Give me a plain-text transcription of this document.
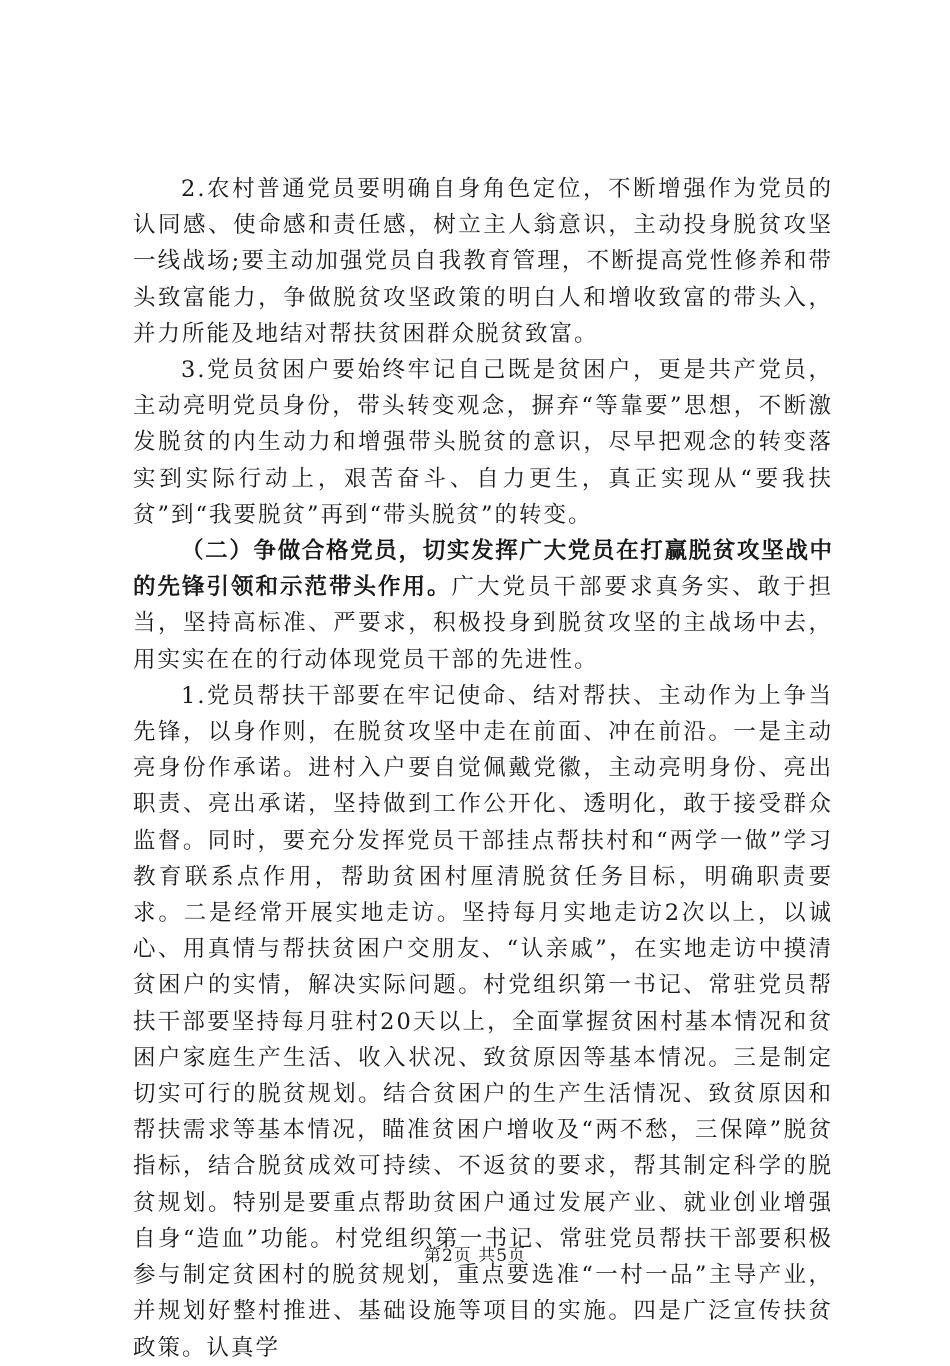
2.农村普通党员要明确自身角色定位，不断增强作为党员的认同感、使命感和责任感，树立主人翁意识，主动投身脱贫攻坚一线战场;要主动加强党员自我教育管理，不断提高党性修养和带头致富能力，争做脱贫攻坚政策的明白人和增收致富的带头入，并力所能及地结对帮扶贫困群众脱贫致富。

3.党员贫困户要始终牢记自己既是贫困户，更是共产党员，主动亮明党员身份，带头转变观念，摒弃“等靠要”思想，不断激发脱贫的内生动力和增强带头脱贫的意识，尽早把观念的转变落实到实际行动上，艰苦奋斗、自力更生，真正实现从“要我扶贫”到“我要脱贫”再到“带头脱贫”的转变。

（二）争做合格党员，切实发挥广大党员在打赢脱贫攻坚战中的先锋引领和示范带头作用。广大党员干部要求真务实、敢于担当，坚持高标准、严要求，积极投身到脱贫攻坚的主战场中去，用实实在在的行动体现党员干部的先进性。

1.党员帮扶干部要在牢记使命、结对帮扶、主动作为上争当先锋，以身作则，在脱贫攻坚中走在前面、冲在前沿。一是主动亮身份作承诺。进村入户要自觉佩戴党徽，主动亮明身份、亮出职责、亮出承诺，坚持做到工作公开化、透明化，敢于接受群众监督。同时，要充分发挥党员干部挂点帮扶村和“两学一做”学习教育联系点作用，帮助贫困村厘清脱贫任务目标，明确职责要求。二是经常开展实地走访。坚持每月实地走访2次以上，以诚心、用真情与帮扶贫困户交朋友、“认亲戚”，在实地走访中摸清贫困户的实情，解决实际问题。村党组织第一书记、常驻党员帮扶干部要坚持每月驻村20天以上，全面掌握贫困村基本情况和贫困户家庭生产生活、收入状况、致贫原因等基本情况。三是制定切实可行的脱贫规划。结合贫困户的生产生活情况、致贫原因和帮扶需求等基本情况，瞄准贫困户增收及“两不愁，三保障”脱贫指标，结合脱贫成效可持续、不返贫的要求，帮其制定科学的脱贫规划。特别是要重点帮助贫困户通过发展产业、就业创业增强自身“造血”功能。村党组织第一书记、常驻党员帮扶干部要积极参与制定贫困村的脱贫规划，重点要选准“一村一品”主导产业，并规划好整村推进、基础设施等项目的实施。四是广泛宣传扶贫政策。认真学

第2页 共5页
